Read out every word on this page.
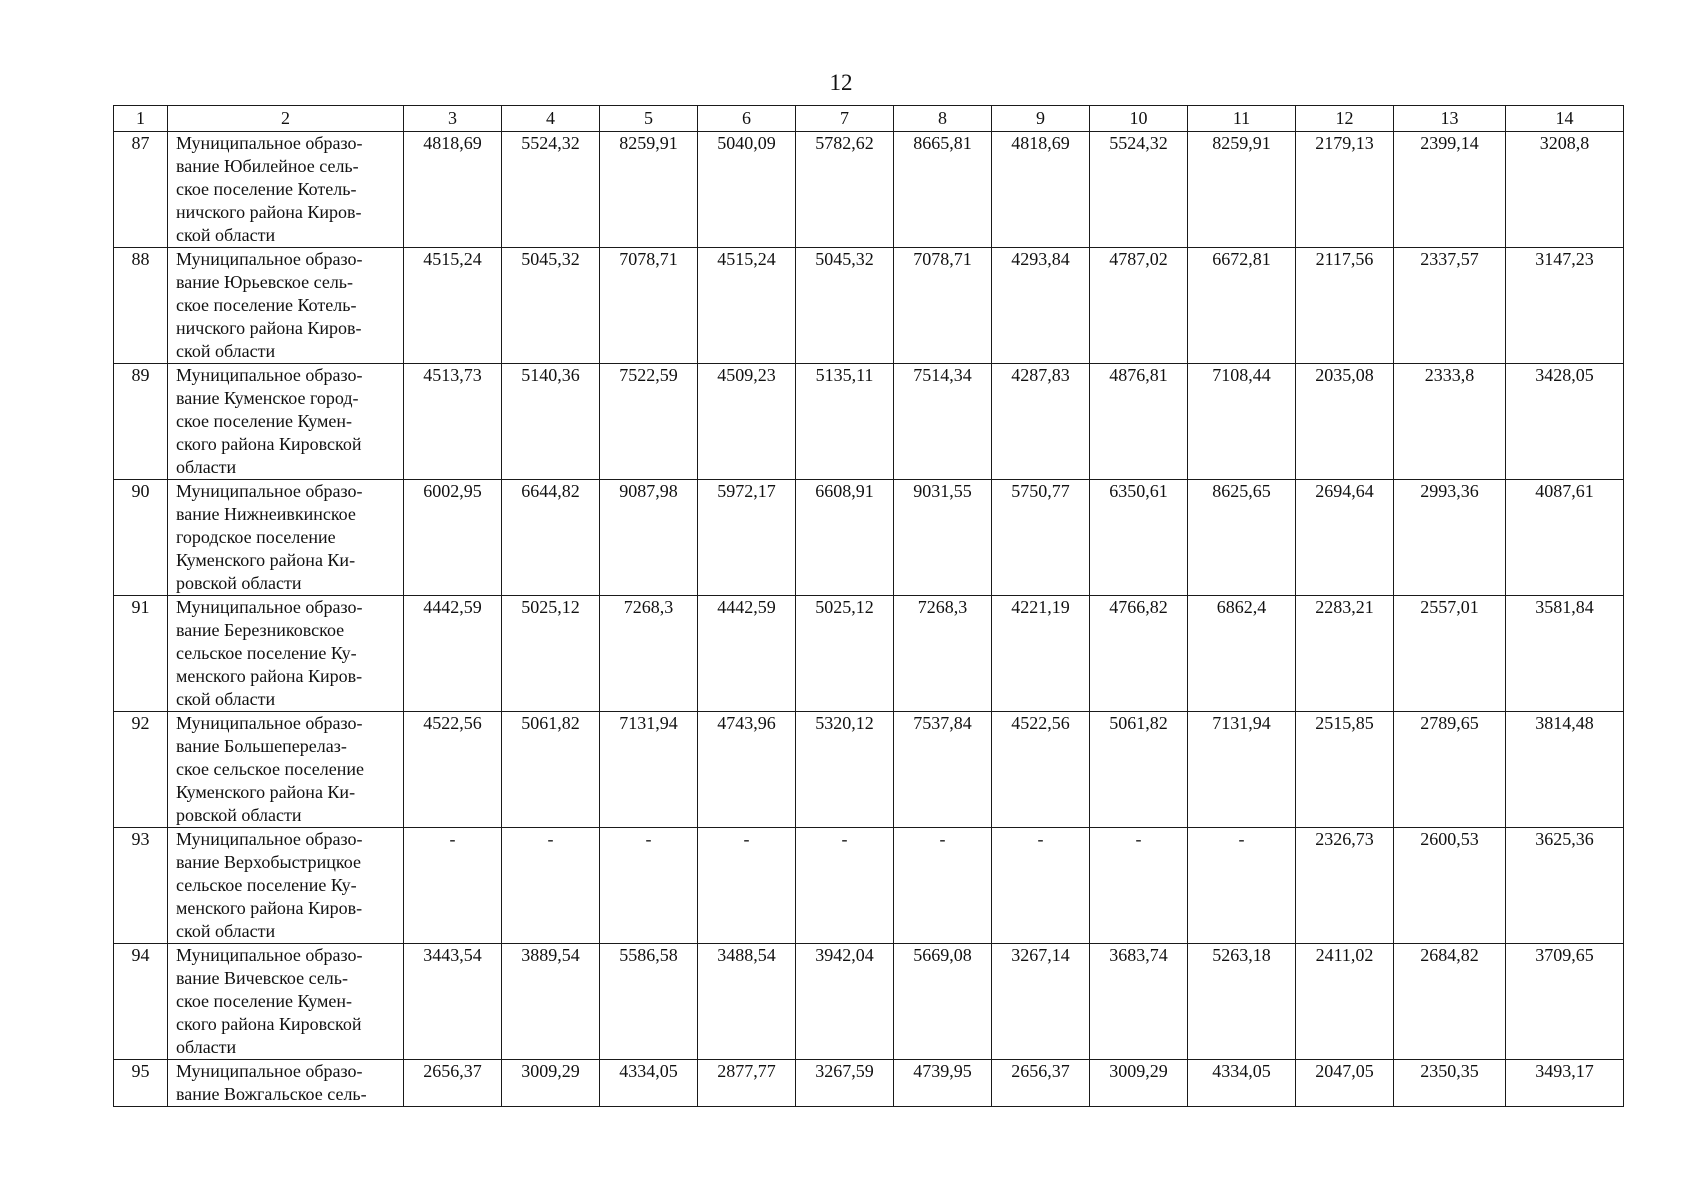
12
1	2	3	4	5	6	7	8	9	10	11	12	13	14
87	Муниципальное образо-
вание Юбилейное сель-
ское поселение Котель-
ничского района Киров-
ской области	4818,69	5524,32	8259,91	5040,09	5782,62	8665,81	4818,69	5524,32	8259,91	2179,13	2399,14	3208,8
88	Муниципальное образо-
вание Юрьевское сель-
ское поселение Котель-
ничского района Киров-
ской области	4515,24	5045,32	7078,71	4515,24	5045,32	7078,71	4293,84	4787,02	6672,81	2117,56	2337,57	3147,23
89	Муниципальное образо-
вание Куменское город-
ское поселение Кумен-
ского района Кировской
области	4513,73	5140,36	7522,59	4509,23	5135,11	7514,34	4287,83	4876,81	7108,44	2035,08	2333,8	3428,05
90	Муниципальное образо-
вание Нижнеивкинское
городское поселение
Куменского района Ки-
ровской области	6002,95	6644,82	9087,98	5972,17	6608,91	9031,55	5750,77	6350,61	8625,65	2694,64	2993,36	4087,61
91	Муниципальное образо-
вание Березниковское
сельское поселение Ку-
менского района Киров-
ской области	4442,59	5025,12	7268,3	4442,59	5025,12	7268,3	4221,19	4766,82	6862,4	2283,21	2557,01	3581,84
92	Муниципальное образо-
вание Большеперелаз-
ское сельское поселение
Куменского района Ки-
ровской области	4522,56	5061,82	7131,94	4743,96	5320,12	7537,84	4522,56	5061,82	7131,94	2515,85	2789,65	3814,48
93	Муниципальное образо-
вание Верхобыстрицкое
сельское поселение Ку-
менского района Киров-
ской области	-	-	-	-	-	-	-	-	-	2326,73	2600,53	3625,36
94	Муниципальное образо-
вание Вичевское сель-
ское поселение Кумен-
ского района Кировской
области	3443,54	3889,54	5586,58	3488,54	3942,04	5669,08	3267,14	3683,74	5263,18	2411,02	2684,82	3709,65
95	Муниципальное образо-
вание Вожгальское сель-	2656,37	3009,29	4334,05	2877,77	3267,59	4739,95	2656,37	3009,29	4334,05	2047,05	2350,35	3493,17
